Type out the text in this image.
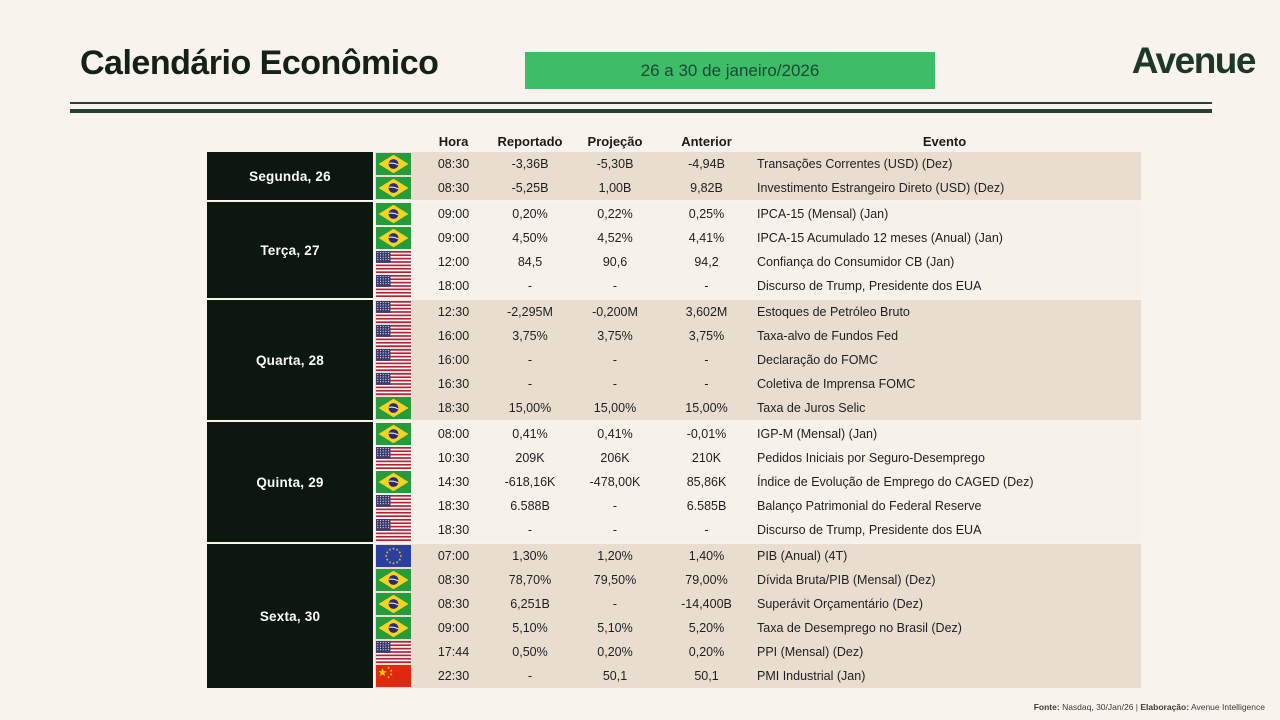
Calendário Econômico	26 a 30 de janeiro/2026	Avenue
Hora	Reportado	Projeção	Anterior	Evento
Segunda, 26
08:30	-3,36B	-5,30B	-4,94B	Transações Correntes (USD) (Dez)
08:30	-5,25B	1,00B	9,82B	Investimento Estrangeiro Direto (USD) (Dez)
Terça, 27
09:00	0,20%	0,22%	0,25%	IPCA-15 (Mensal) (Jan)
09:00	4,50%	4,52%	4,41%	IPCA-15 Acumulado 12 meses (Anual) (Jan)
12:00	84,5	90,6	94,2	Confiança do Consumidor CB (Jan)
18:00	-	-	-	Discurso de Trump, Presidente dos EUA
Quarta, 28
12:30	-2,295M	-0,200M	3,602M	Estoques de Petróleo Bruto
16:00	3,75%	3,75%	3,75%	Taxa-alvo de Fundos Fed
16:00	-	-	-	Declaração do FOMC
16:30	-	-	-	Coletiva de Imprensa FOMC
18:30	15,00%	15,00%	15,00%	Taxa de Juros Selic
Quinta, 29
08:00	0,41%	0,41%	-0,01%	IGP-M (Mensal) (Jan)
10:30	209K	206K	210K	Pedidos Iniciais por Seguro-Desemprego
14:30	-618,16K	-478,00K	85,86K	Índice de Evolução de Emprego do CAGED (Dez)
18:30	6.588B	-	6.585B	Balanço Patrimonial do Federal Reserve
18:30	-	-	-	Discurso de Trump, Presidente dos EUA
Sexta, 30
07:00	1,30%	1,20%	1,40%	PIB (Anual) (4T)
08:30	78,70%	79,50%	79,00%	Dívida Bruta/PIB (Mensal) (Dez)
08:30	6,251B	-	-14,400B	Superávit Orçamentário (Dez)
09:00	5,10%	5,10%	5,20%	Taxa de Desemprego no Brasil (Dez)
17:44	0,50%	0,20%	0,20%	PPI (Mensal) (Dez)
22:30	-	50,1	50,1	PMI Industrial (Jan)
Fonte: Nasdaq, 30/Jan/26 | Elaboração: Avenue Intelligence
